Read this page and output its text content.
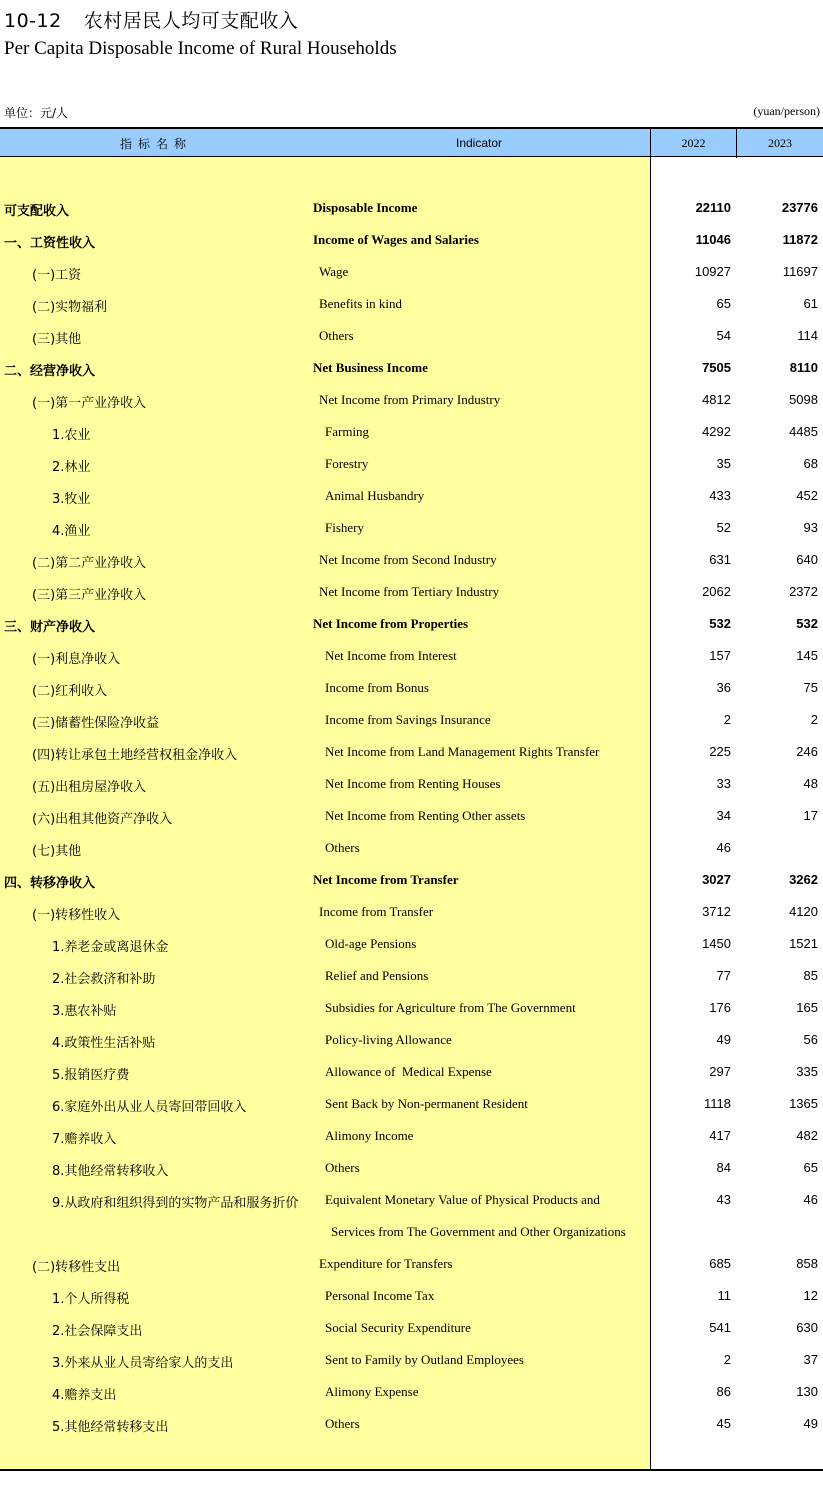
10-12 农村居民人均可支配收入
Per Capita Disposable Income of Rural Households
单位：元/人	(yuan/person)
指标名称	Indicator	2022	2023
可支配收入	Disposable Income	22110	23776
一、工资性收入	Income of Wages and Salaries	11046	11872
(一)工资	Wage	10927	11697
(二)实物福利	Benefits in kind	65	61
(三)其他	Others	54	114
二、经营净收入	Net Business Income	7505	8110
(一)第一产业净收入	Net Income from Primary Industry	4812	5098
1.农业	Farming	4292	4485
2.林业	Forestry	35	68
3.牧业	Animal Husbandry	433	452
4.渔业	Fishery	52	93
(二)第二产业净收入	Net Income from Second Industry	631	640
(三)第三产业净收入	Net Income from Tertiary Industry	2062	2372
三、财产净收入	Net Income from Properties	532	532
(一)利息净收入	Net Income from Interest	157	145
(二)红利收入	Income from Bonus	36	75
(三)储蓄性保险净收益	Income from Savings Insurance	2	2
(四)转让承包土地经营权租金净收入	Net Income from Land Management Rights Transfer	225	246
(五)出租房屋净收入	Net Income from Renting Houses	33	48
(六)出租其他资产净收入	Net Income from Renting Other assets	34	17
(七)其他	Others	46
四、转移净收入	Net Income from Transfer	3027	3262
(一)转移性收入	Income from Transfer	3712	4120
1.养老金或离退休金	Old-age Pensions	1450	1521
2.社会救济和补助	Relief and Pensions	77	85
3.惠农补贴	Subsidies for Agriculture from The Government	176	165
4.政策性生活补贴	Policy-living Allowance	49	56
5.报销医疗费	Allowance of  Medical Expense	297	335
6.家庭外出从业人员寄回带回收入	Sent Back by Non-permanent Resident	1118	1365
7.赡养收入	Alimony Income	417	482
8.其他经常转移收入	Others	84	65
9.从政府和组织得到的实物产品和服务折价 Equivalent Monetary Value of Physical Products and	43	46
Services from The Government and Other Organizations
(二)转移性支出	Expenditure for Transfers	685	858
1.个人所得税	Personal Income Tax	11	12
2.社会保障支出	Social Security Expenditure	541	630
3.外来从业人员寄给家人的支出	Sent to Family by Outland Employees	2	37
4.赡养支出	Alimony Expense	86	130
5.其他经常转移支出	Others	45	49
